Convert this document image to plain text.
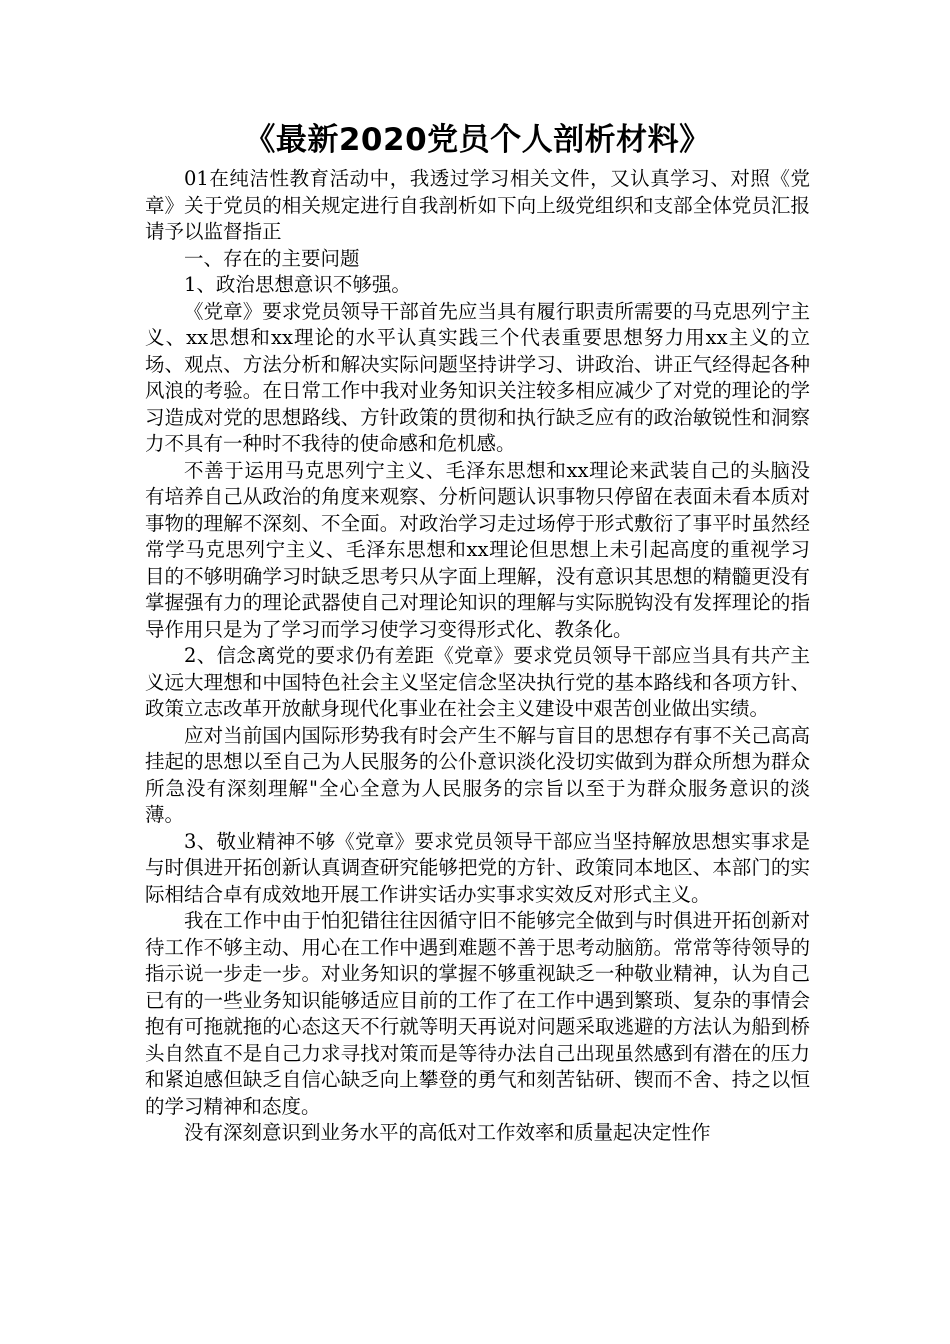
《最新2020党员个人剖析材料》

01在纯洁性教育活动中，我透过学习相关文件，又认真学习、对照《党章》关于党员的相关规定进行自我剖析如下向上级党组织和支部全体党员汇报请予以监督指正

一、存在的主要问题

1、政治思想意识不够强。

《党章》要求党员领导干部首先应当具有履行职责所需要的马克思列宁主义、xx思想和xx理论的水平认真实践三个代表重要思想努力用xx主义的立场、观点、方法分析和解决实际问题坚持讲学习、讲政治、讲正气经得起各种风浪的考验。在日常工作中我对业务知识关注较多相应减少了对党的理论的学习造成对党的思想路线、方针政策的贯彻和执行缺乏应有的政治敏锐性和洞察力不具有一种时不我待的使命感和危机感。

不善于运用马克思列宁主义、毛泽东思想和xx理论来武装自己的头脑没有培养自己从政治的角度来观察、分析问题认识事物只停留在表面未看本质对事物的理解不深刻、不全面。对政治学习走过场停于形式敷衍了事平时虽然经常学马克思列宁主义、毛泽东思想和xx理论但思想上未引起高度的重视学习目的不够明确学习时缺乏思考只从字面上理解，没有意识其思想的精髓更没有掌握强有力的理论武器使自己对理论知识的理解与实际脱钩没有发挥理论的指导作用只是为了学习而学习使学习变得形式化、教条化。

2、信念离党的要求仍有差距《党章》要求党员领导干部应当具有共产主义远大理想和中国特色社会主义坚定信念坚决执行党的基本路线和各项方针、政策立志改革开放献身现代化事业在社会主义建设中艰苦创业做出实绩。

应对当前国内国际形势我有时会产生不解与盲目的思想存有事不关己高高挂起的思想以至自己为人民服务的公仆意识淡化没切实做到为群众所想为群众所急没有深刻理解"全心全意为人民服务的宗旨以至于为群众服务意识的淡薄。

3、敬业精神不够《党章》要求党员领导干部应当坚持解放思想实事求是与时俱进开拓创新认真调查研究能够把党的方针、政策同本地区、本部门的实际相结合卓有成效地开展工作讲实话办实事求实效反对形式主义。

我在工作中由于怕犯错往往因循守旧不能够完全做到与时俱进开拓创新对待工作不够主动、用心在工作中遇到难题不善于思考动脑筋。常常等待领导的指示说一步走一步。对业务知识的掌握不够重视缺乏一种敬业精神，认为自己已有的一些业务知识能够适应目前的工作了在工作中遇到繁琐、复杂的事情会抱有可拖就拖的心态这天不行就等明天再说对问题采取逃避的方法认为船到桥头自然直不是自己力求寻找对策而是等待办法自己出现虽然感到有潜在的压力和紧迫感但缺乏自信心缺乏向上攀登的勇气和刻苦钻研、锲而不舍、持之以恒的学习精神和态度。

没有深刻意识到业务水平的高低对工作效率和质量起决定性作
